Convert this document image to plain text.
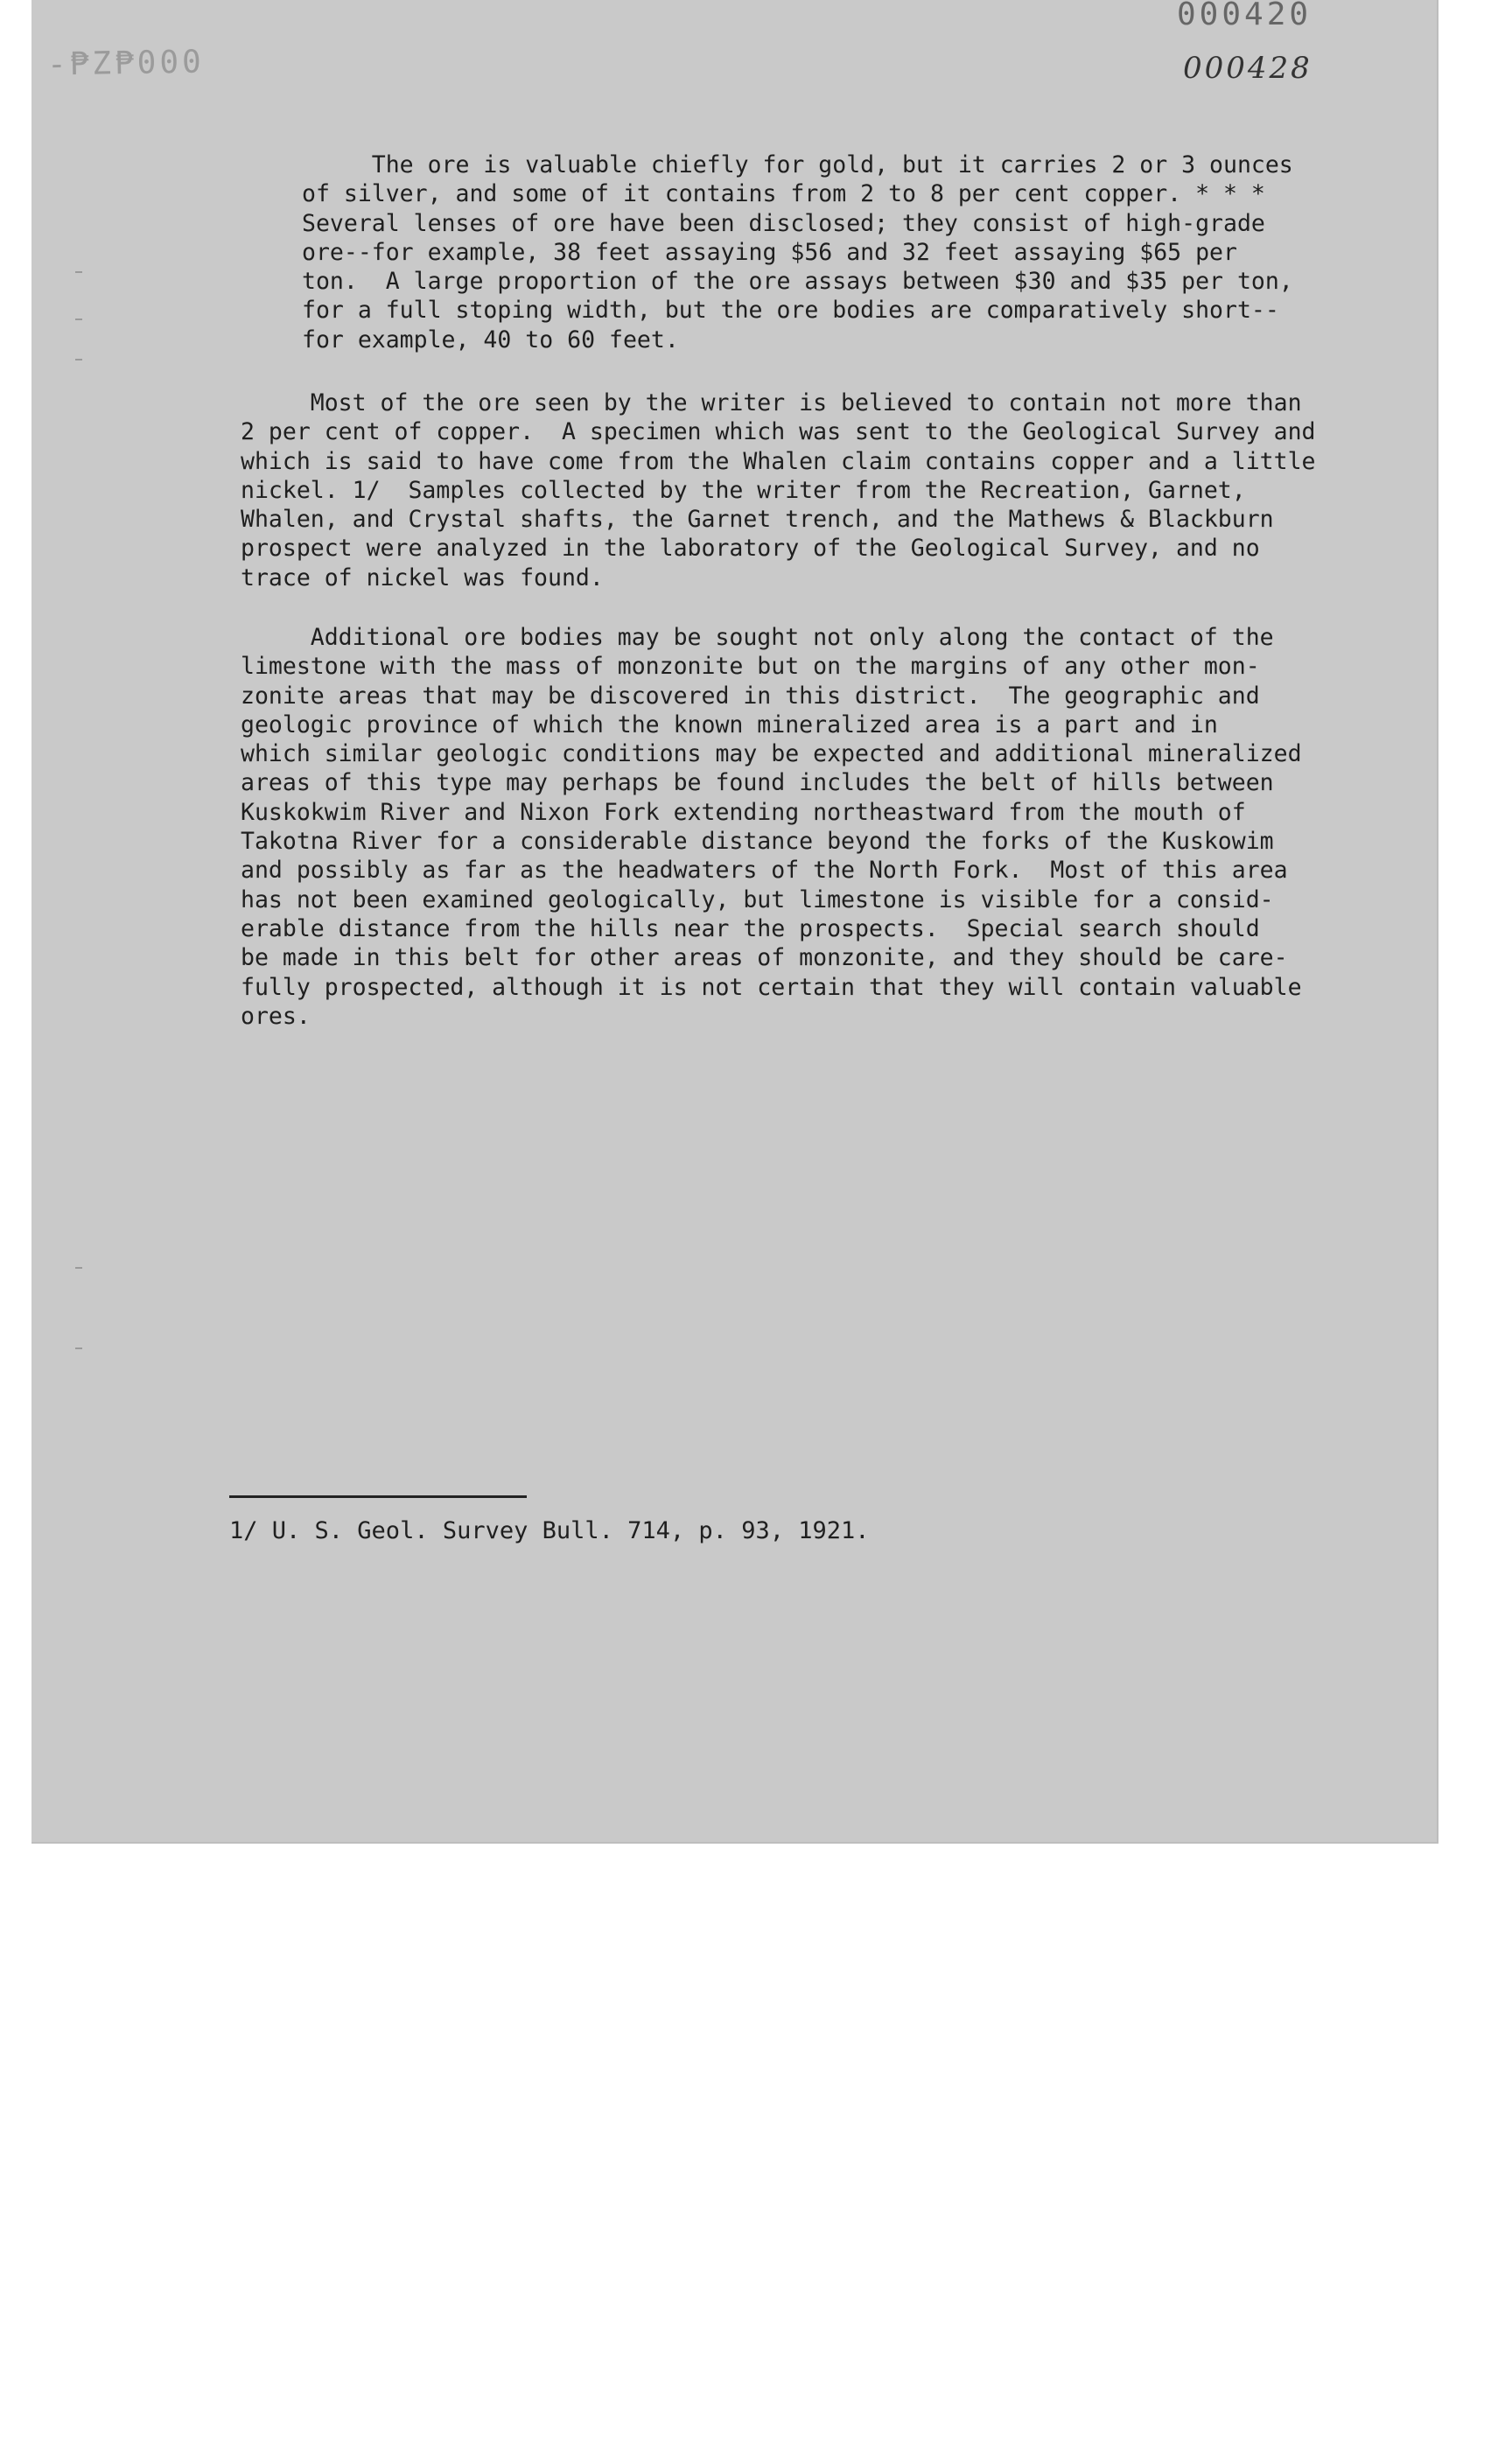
-₱Z₱000
000420
000428
The ore is valuable chiefly for gold, but it carries 2 or 3 ounces
of silver, and some of it contains from 2 to 8 per cent copper. * * *
Several lenses of ore have been disclosed; they consist of high-grade
ore--for example, 38 feet assaying $56 and 32 feet assaying $65 per
ton.  A large proportion of the ore assays between $30 and $35 per ton,
for a full stoping width, but the ore bodies are comparatively short--
for example, 40 to 60 feet.
Most of the ore seen by the writer is believed to contain not more than
2 per cent of copper.  A specimen which was sent to the Geological Survey and
which is said to have come from the Whalen claim contains copper and a little
nickel. 1/  Samples collected by the writer from the Recreation, Garnet,
Whalen, and Crystal shafts, the Garnet trench, and the Mathews & Blackburn
prospect were analyzed in the laboratory of the Geological Survey, and no
trace of nickel was found.
Additional ore bodies may be sought not only along the contact of the
limestone with the mass of monzonite but on the margins of any other mon-
zonite areas that may be discovered in this district.  The geographic and
geologic province of which the known mineralized area is a part and in
which similar geologic conditions may be expected and additional mineralized
areas of this type may perhaps be found includes the belt of hills between
Kuskokwim River and Nixon Fork extending northeastward from the mouth of
Takotna River for a considerable distance beyond the forks of the Kuskowim
and possibly as far as the headwaters of the North Fork.  Most of this area
has not been examined geologically, but limestone is visible for a consid-
erable distance from the hills near the prospects.  Special search should
be made in this belt for other areas of monzonite, and they should be care-
fully prospected, although it is not certain that they will contain valuable
ores.
1/ U. S. Geol. Survey Bull. 714, p. 93, 1921.
